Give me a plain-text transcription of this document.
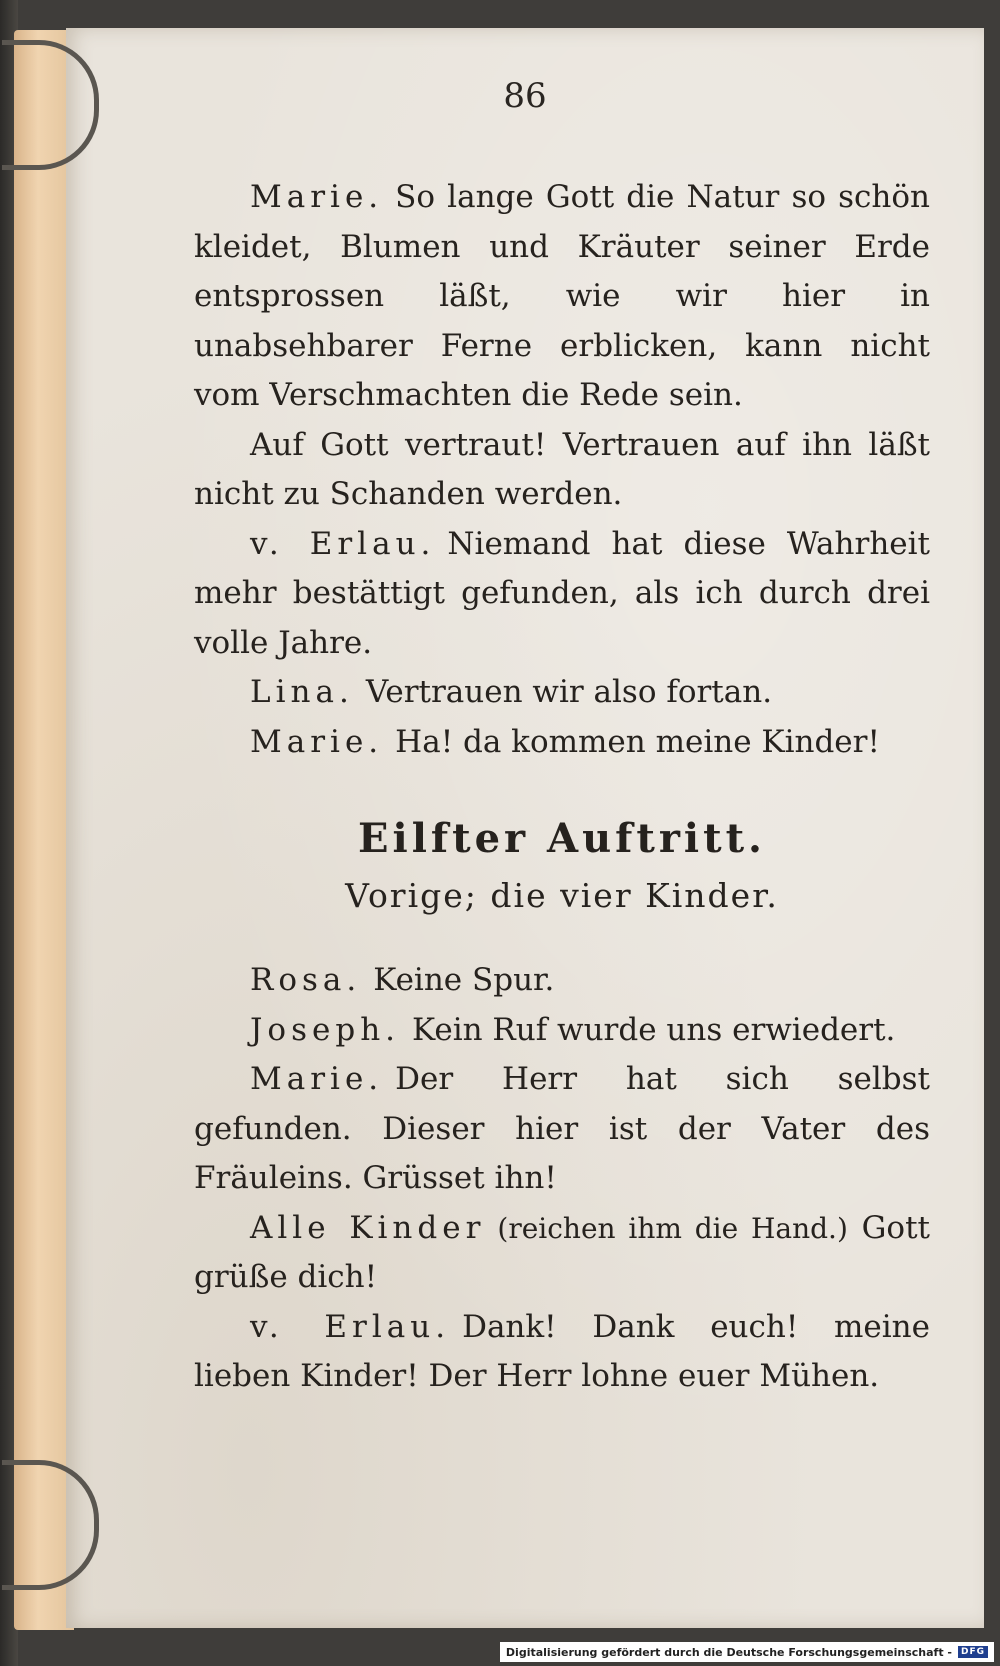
86

Marie. So lange Gott die Natur so schön kleidet, Blumen und Kräuter seiner Erde entsprossen läßt, wie wir hier in unabsehbarer Ferne erblicken, kann nicht vom Verschmachten die Rede sein.

Auf Gott vertraut! Vertrauen auf ihn läßt nicht zu Schanden werden.

v. Erlau. Niemand hat diese Wahrheit mehr bestättigt gefunden, als ich durch drei volle Jahre.

Lina. Vertrauen wir also fortan.

Marie. Ha! da kommen meine Kinder!

Eilfter Auftritt.
Vorige; die vier Kinder.

Rosa. Keine Spur.

Joseph. Kein Ruf wurde uns erwiedert.

Marie. Der Herr hat sich selbst gefunden. Dieser hier ist der Vater des Fräuleins. Grüsset ihn!

Alle Kinder (reichen ihm die Hand.) Gott grüße dich!

v. Erlau. Dank! Dank euch! meine lieben Kinder! Der Herr lohne euer Mühen.

Digitalisierung gefördert durch die Deutsche Forschungsgemeinschaft -	DFG
